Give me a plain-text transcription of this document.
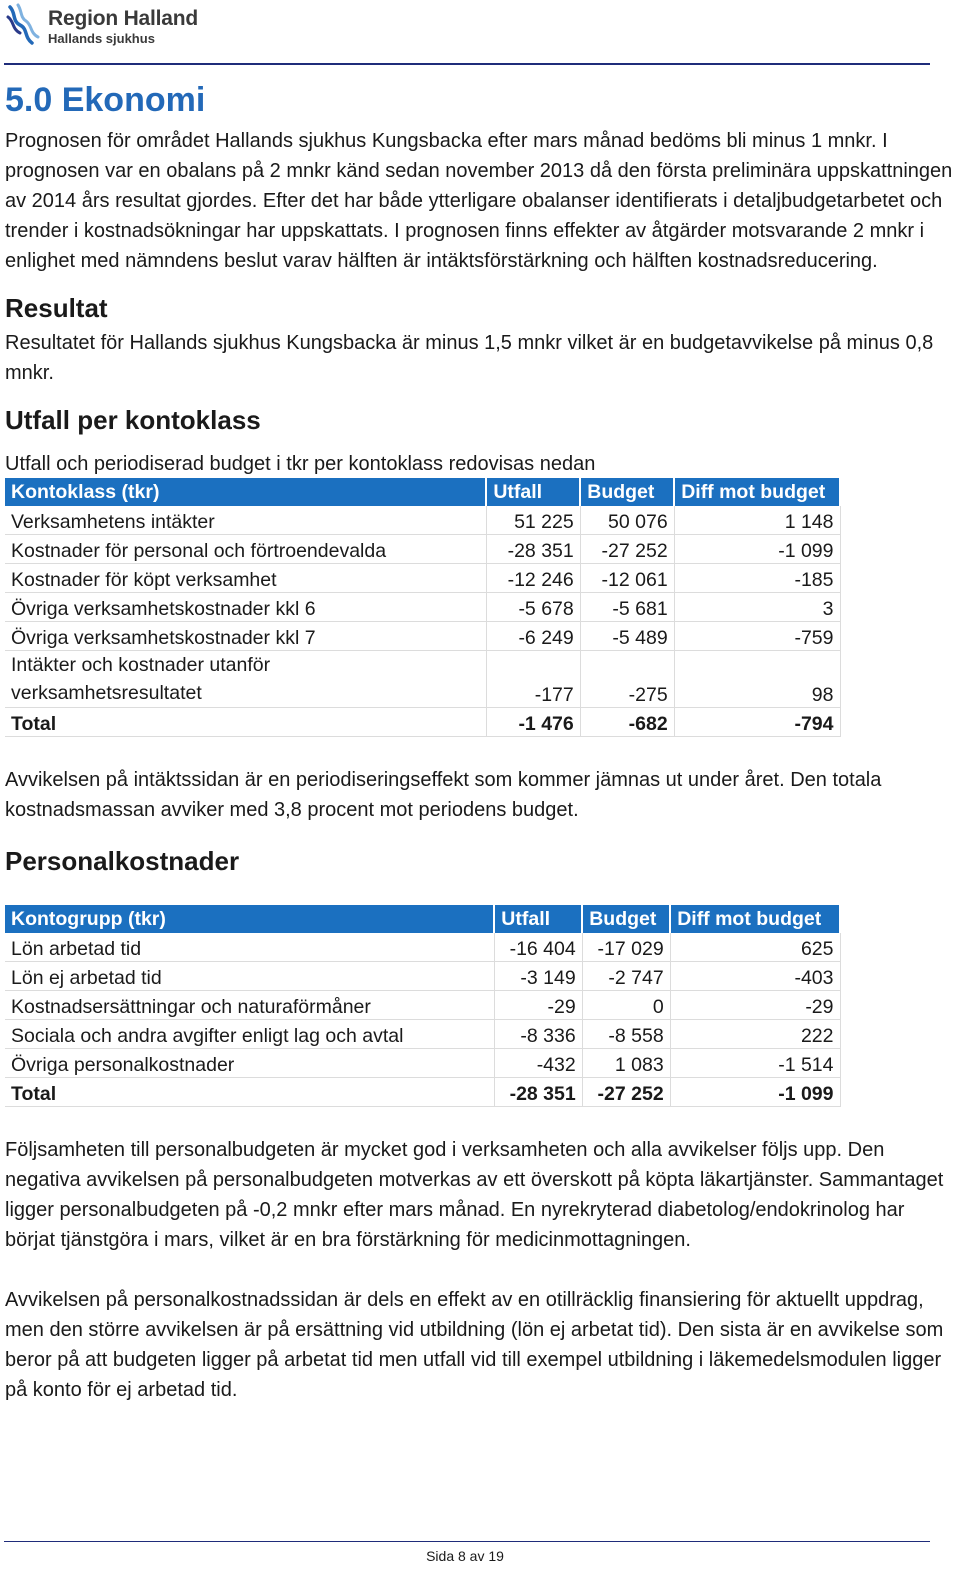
Region Halland
Hallands sjukhus
5.0 Ekonomi

Prognosen för området Hallands sjukhus Kungsbacka efter mars månad bedöms bli minus 1 mnkr. I prognosen var en obalans på 2 mnkr känd sedan november 2013 då den första preliminära uppskattningen av 2014 års resultat gjordes. Efter det har både ytterligare obalanser identifierats i detaljbudgetarbetet och trender i kostnadsökningar har uppskattats. I prognosen finns effekter av åtgärder motsvarande 2 mnkr i enlighet med nämndens beslut varav hälften är intäktsförstärkning och hälften kostnadsreducering.

Resultat

Resultatet för Hallands sjukhus Kungsbacka är minus 1,5 mnkr vilket är en budgetavvikelse på minus 0,8 mnkr.

Utfall per kontoklass

Utfall och periodiserad budget i tkr per kontoklass redovisas nedan

Kontoklass (tkr)	Utfall	Budget	Diff mot budget
Verksamhetens intäkter	51 225	50 076	1 148
Kostnader för personal och förtroendevalda	-28 351	-27 252	-1 099
Kostnader för köpt verksamhet	-12 246	-12 061	-185
Övriga verksamhetskostnader kkl 6	-5 678	-5 681	3
Övriga verksamhetskostnader kkl 7	-6 249	-5 489	-759
Intäkter och kostnader utanför
verksamhetsresultatet	-177	-275	98
Total	-1 476	-682	-794

Avvikelsen på intäktssidan är en periodiseringseffekt som kommer jämnas ut under året. Den totala kostnadsmassan avviker med 3,8 procent mot periodens budget.

Personalkostnader
Kontogrupp (tkr)	Utfall	Budget	Diff mot budget
Lön arbetad tid	-16 404	-17 029	625
Lön ej arbetad tid	-3 149	-2 747	-403
Kostnadsersättningar och naturaförmåner	-29	0	-29
Sociala och andra avgifter enligt lag och avtal	-8 336	-8 558	222
Övriga personalkostnader	-432	1 083	-1 514
Total	-28 351	-27 252	-1 099

Följsamheten till personalbudgeten är mycket god i verksamheten och alla avvikelser följs upp. Den negativa avvikelsen på personalbudgeten motverkas av ett överskott på köpta läkartjänster. Sammantaget ligger personalbudgeten på -0,2 mnkr efter mars månad. En nyrekryterad diabetolog/endokrinolog har börjat tjänstgöra i mars, vilket är en bra förstärkning för medicinmottagningen.

Avvikelsen på personalkostnadssidan är dels en effekt av en otillräcklig finansiering för aktuellt uppdrag, men den större avvikelsen är på ersättning vid utbildning (lön ej arbetat tid). Den sista är en avvikelse som beror på att budgeten ligger på arbetat tid men utfall vid till exempel utbildning i läkemedelsmodulen ligger på konto för ej arbetad tid.

Sida 8 av 19
